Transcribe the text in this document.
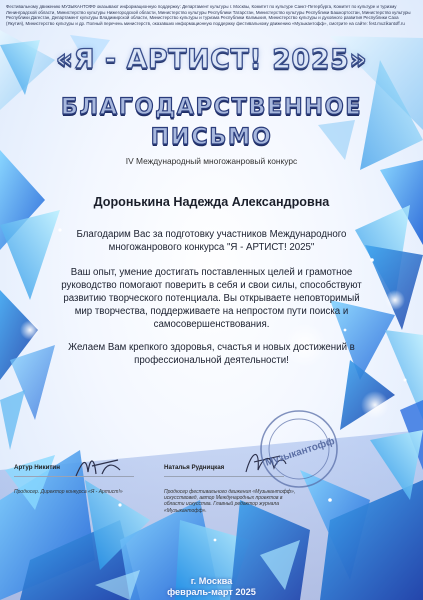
Фестивальному движению МУЗЫКАНТОФФ оказывают информационную поддержку: Департамент культуры г. Москвы, Комитет по культуре Санкт-Петербурга, Комитет по культуре и туризму Ленинградской области, Министерство культуры Нижегородской области, Министерство культуры Республики Татарстан, Министерство культуры Республики Башкортостан, Министерство культуры Республики Дагестан, Департамент культуры Владимирской области, Министерство культуры и туризма Республики Калмыкия, Министерство культуры и духовного развития Республики Саха (Якутия), Министерство культуры и др. Полный перечень министерств, оказавших информационную поддержку фестивальному движению «Музыкантофф», смотрите на сайте: fest.muzikantoff.ru
«Я - АРТИСТ! 2025»
БЛАГОДАРСТВЕННОЕ
ПИСЬМО
IV Международный многожанровый конкурс
Доронькина Надежда Александровна
Благодарим Вас за подготовку участников Международного многожанрового конкурса "Я - АРТИСТ! 2025"
Ваш опыт, умение достигать поставленных целей и грамотное руководство помогают поверить в себя и свои силы, способствуют развитию творческого потенциала. Вы открываете неповторимый мир творчества, поддерживаете на непростом пути поиска и самосовершенствования.
Желаем Вам крепкого здоровья, счастья и новых достижений в профессиональной деятельности!
Артур Никитин
Продюсер. Директор конкурса «Я - Артист!»
Наталья Рудницкая
Продюсер фестивального движения «Музыкантофф»,
искусствовед, автор Международных проектов в
области искусства. Главный редактор журнала
«Музыкантофф».
Музыкантофф
г. Москва
февраль-март 2025
